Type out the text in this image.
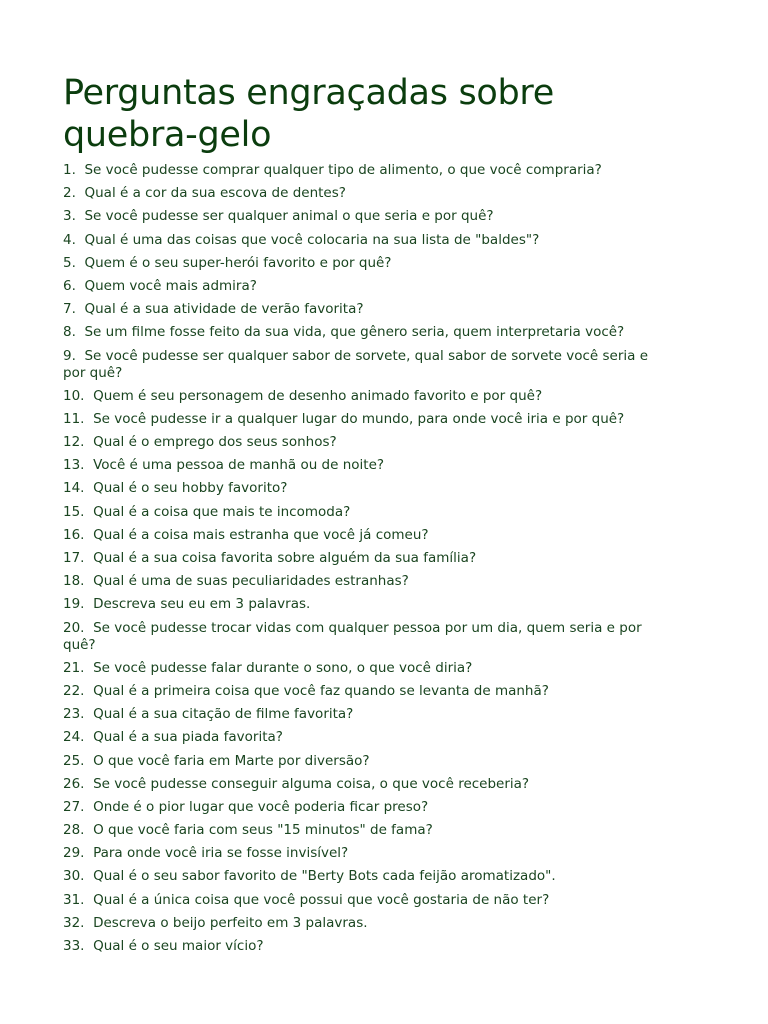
Perguntas engraçadas sobre quebra-gelo
1. Se você pudesse comprar qualquer tipo de alimento, o que você compraria?
2. Qual é a cor da sua escova de dentes?
3. Se você pudesse ser qualquer animal o que seria e por quê?
4. Qual é uma das coisas que você colocaria na sua lista de "baldes"?
5. Quem é o seu super-herói favorito e por quê?
6. Quem você mais admira?
7. Qual é a sua atividade de verão favorita?
8. Se um filme fosse feito da sua vida, que gênero seria, quem interpretaria você?
9. Se você pudesse ser qualquer sabor de sorvete, qual sabor de sorvete você seria e por quê?
10. Quem é seu personagem de desenho animado favorito e por quê?
11. Se você pudesse ir a qualquer lugar do mundo, para onde você iria e por quê?
12. Qual é o emprego dos seus sonhos?
13. Você é uma pessoa de manhã ou de noite?
14. Qual é o seu hobby favorito?
15. Qual é a coisa que mais te incomoda?
16. Qual é a coisa mais estranha que você já comeu?
17. Qual é a sua coisa favorita sobre alguém da sua família?
18. Qual é uma de suas peculiaridades estranhas?
19. Descreva seu eu em 3 palavras.
20. Se você pudesse trocar vidas com qualquer pessoa por um dia, quem seria e por quê?
21. Se você pudesse falar durante o sono, o que você diria?
22. Qual é a primeira coisa que você faz quando se levanta de manhã?
23. Qual é a sua citação de filme favorita?
24. Qual é a sua piada favorita?
25. O que você faria em Marte por diversão?
26. Se você pudesse conseguir alguma coisa, o que você receberia?
27. Onde é o pior lugar que você poderia ficar preso?
28. O que você faria com seus "15 minutos" de fama?
29. Para onde você iria se fosse invisível?
30. Qual é o seu sabor favorito de "Berty Bots cada feijão aromatizado".
31. Qual é a única coisa que você possui que você gostaria de não ter?
32. Descreva o beijo perfeito em 3 palavras.
33. Qual é o seu maior vício?
